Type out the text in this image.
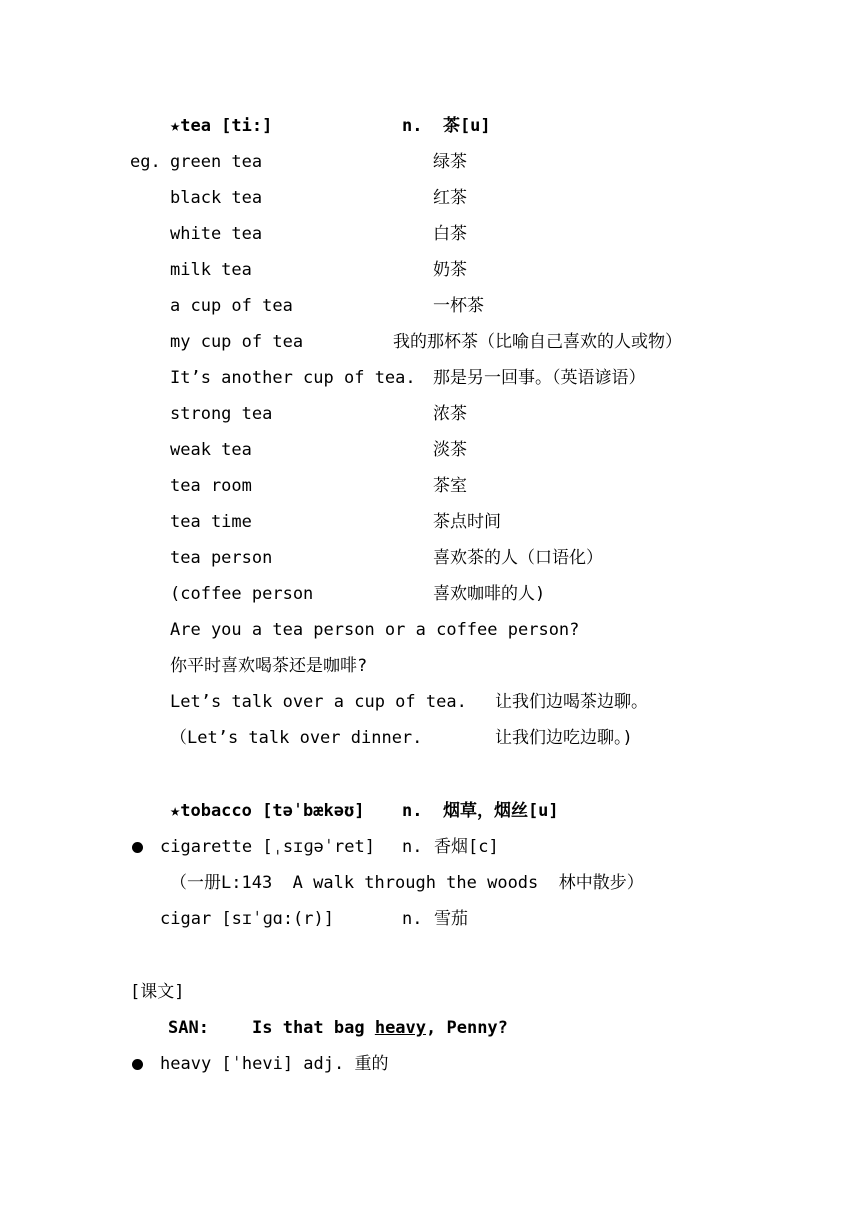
★tea [ti:]	n.  茶[u]
eg. green tea	绿茶
black tea	红茶
white tea	白茶
milk tea	奶茶
a cup of tea	一杯茶
my cup of tea	我的那杯茶（比喻自己喜欢的人或物）
It’s another cup of tea. 那是另一回事。（英语谚语）
strong tea	浓茶
weak tea	淡茶
tea room	茶室
tea time	茶点时间
tea person	喜欢茶的人（口语化）
(coffee person	喜欢咖啡的人)
Are you a tea person or a coffee person?
你平时喜欢喝茶还是咖啡?
Let’s talk over a cup of tea. 让我们边喝茶边聊。
（Let’s talk over dinner.	让我们边吃边聊。)
★tobacco [təˈbækəʊ] n.  烟草，烟丝[u]
cigarette [ˌsɪɡəˈret] n. 香烟[c]
（一册L:143  A walk through the woods  林中散步）
cigar [sɪˈɡɑ:(r)]	n. 雪茄
[课文]
SAN:	Is that bag heavy, Penny?
heavy [ˈhevi] adj. 重的
